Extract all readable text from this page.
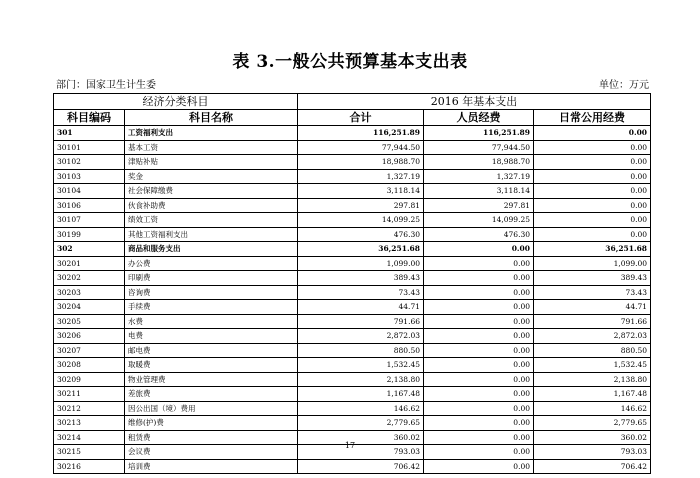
表 3.一般公共预算基本支出表
部门：国家卫生计生委	单位：万元
经济分类科目		2016 年基本支出		
科目编码	科目名称	合计	人员经费	日常公用经费
301	工资福利支出	116,251.89	116,251.89	0.00
30101	基本工资	77,944.50	77,944.50	0.00
30102	津贴补贴	18,988.70	18,988.70	0.00
30103	奖金	1,327.19	1,327.19	0.00
30104	社会保障缴费	3,118.14	3,118.14	0.00
30106	伙食补助费	297.81	297.81	0.00
30107	绩效工资	14,099.25	14,099.25	0.00
30199	其他工资福利支出	476.30	476.30	0.00
302	商品和服务支出	36,251.68	0.00	36,251.68
30201	办公费	1,099.00	0.00	1,099.00
30202	印刷费	389.43	0.00	389.43
30203	咨询费	73.43	0.00	73.43
30204	手续费	44.71	0.00	44.71
30205	水费	791.66	0.00	791.66
30206	电费	2,872.03	0.00	2,872.03
30207	邮电费	880.50	0.00	880.50
30208	取暖费	1,532.45	0.00	1,532.45
30209	物业管理费	2,138.80	0.00	2,138.80
30211	差旅费	1,167.48	0.00	1,167.48
30212	因公出国（境）费用	146.62	0.00	146.62
30213	维修(护)费	2,779.65	0.00	2,779.65
30214	租赁费	360.02	0.00	360.02
30215	会议费	793.03	0.00	793.03
30216	培训费	706.42	0.00	706.42
17
